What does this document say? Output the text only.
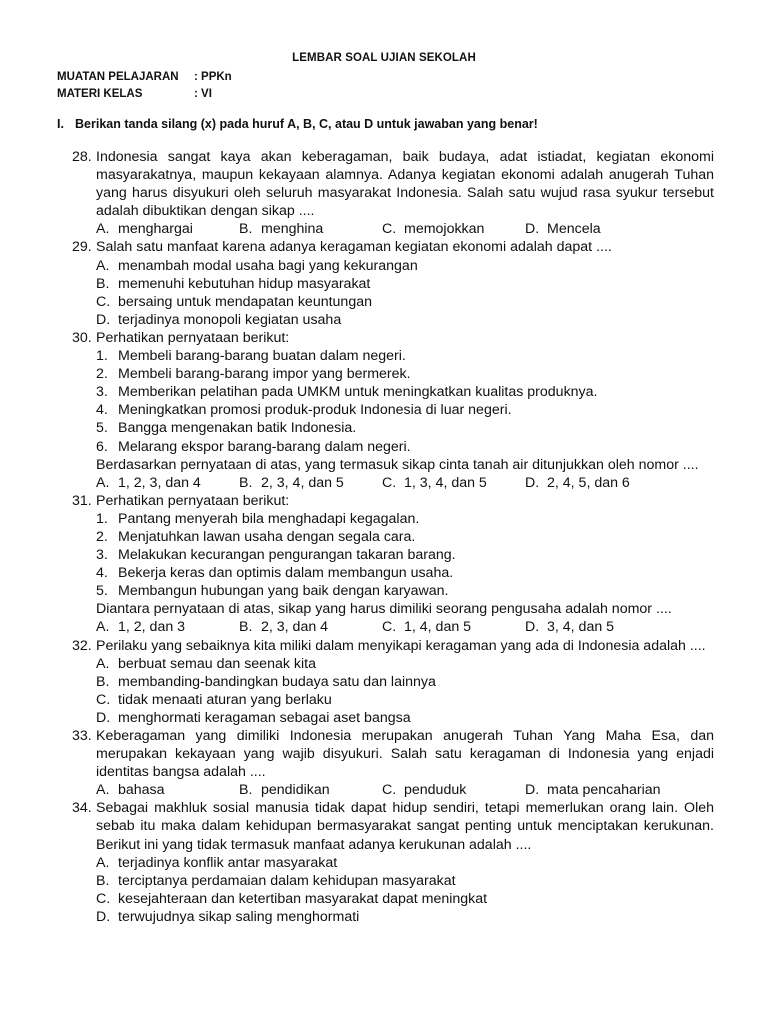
LEMBAR SOAL UJIAN SEKOLAH
MUATAN PELAJARAN : PPKn
MATERI KELAS	: VI
I. Berikan tanda silang (x) pada huruf A, B, C, atau D untuk jawaban yang benar!
28. Indonesia sangat kaya akan keberagaman, baik budaya, adat istiadat, kegiatan ekonomi masyarakatnya, maupun kekayaan alamnya. Adanya kegiatan ekonomi adalah anugerah Tuhan yang harus disyukuri oleh seluruh masyarakat Indonesia. Salah satu wujud rasa syukur tersebut adalah dibuktikan dengan sikap ....
A. menghargai	B. menghina	C. memojokkan	D. Mencela
29. Salah satu manfaat karena adanya keragaman kegiatan ekonomi adalah dapat ....
A. menambah modal usaha bagi yang kekurangan
B. memenuhi kebutuhan hidup masyarakat
C. bersaing untuk mendapatan keuntungan
D. terjadinya monopoli kegiatan usaha
30. Perhatikan pernyataan berikut:
1. Membeli barang-barang buatan dalam negeri.
2. Membeli barang-barang impor yang bermerek.
3. Memberikan pelatihan pada UMKM untuk meningkatkan kualitas produknya.
4. Meningkatkan promosi produk-produk Indonesia di luar negeri.
5. Bangga mengenakan batik Indonesia.
6. Melarang ekspor barang-barang dalam negeri.
Berdasarkan pernyataan di atas, yang termasuk sikap cinta tanah air ditunjukkan oleh nomor ....
A. 1, 2, 3, dan 4	B. 2, 3, 4, dan 5	C. 1, 3, 4, dan 5	D. 2, 4, 5, dan 6
31. Perhatikan pernyataan berikut:
1. Pantang menyerah bila menghadapi kegagalan.
2. Menjatuhkan lawan usaha dengan segala cara.
3. Melakukan kecurangan pengurangan takaran barang.
4. Bekerja keras dan optimis dalam membangun usaha.
5. Membangun hubungan yang baik dengan karyawan.
Diantara pernyataan di atas, sikap yang harus dimiliki seorang pengusaha adalah nomor ....
A. 1, 2, dan 3	B. 2, 3, dan 4	C. 1, 4, dan 5	D. 3, 4, dan 5
32. Perilaku yang sebaiknya kita miliki dalam menyikapi keragaman yang ada di Indonesia adalah ....
A. berbuat semau dan seenak kita
B. membanding-bandingkan budaya satu dan lainnya
C. tidak menaati aturan yang berlaku
D. menghormati keragaman sebagai aset bangsa
33. Keberagaman yang dimiliki Indonesia merupakan anugerah Tuhan Yang Maha Esa, dan merupakan kekayaan yang wajib disyukuri. Salah satu keragaman di Indonesia yang enjadi identitas bangsa adalah ....
A. bahasa	B. pendidikan	C. penduduk	D. mata pencaharian
34. Sebagai makhluk sosial manusia tidak dapat hidup sendiri, tetapi memerlukan orang lain. Oleh sebab itu maka dalam kehidupan bermasyarakat sangat penting untuk menciptakan kerukunan. Berikut ini yang tidak termasuk manfaat adanya kerukunan adalah ....
A. terjadinya konflik antar masyarakat
B. terciptanya perdamaian dalam kehidupan masyarakat
C. kesejahteraan dan ketertiban masyarakat dapat meningkat
D. terwujudnya sikap saling menghormati
